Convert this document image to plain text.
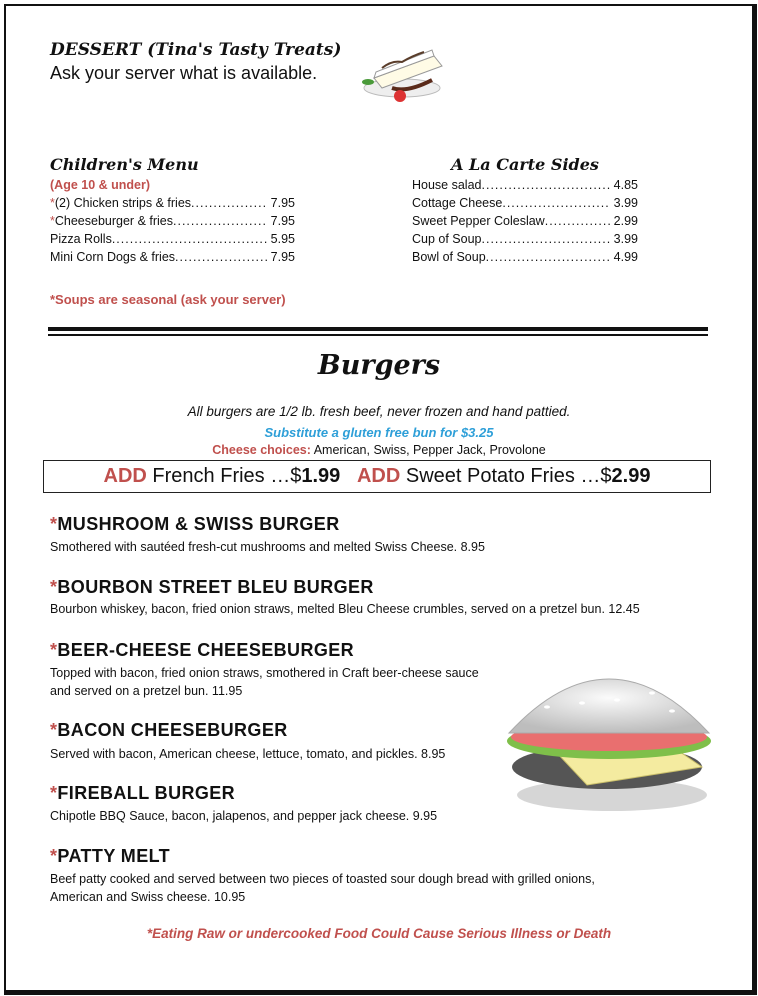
DESSERT (Tina's Tasty Treats)
Ask your server what is available.
Children's Menu
(Age 10 & under)
*(2) Chicken strips & fries .....	7.95
*Cheeseburger & fries .....	7.95
Pizza Rolls .....	5.95
Mini Corn Dogs & fries .....	7.95
*Soups are seasonal (ask your server)
A La Carte Sides
House salad .....	4.85
Cottage Cheese .....	3.99
Sweet Pepper Coleslaw .....	2.99
Cup of Soup .....	3.99
Bowl of Soup .....	4.99
Burgers
All burgers are 1/2 lb. fresh beef, never frozen and hand pattied.
Substitute a gluten free bun for $3.25
Cheese choices: American, Swiss, Pepper Jack, Provolone
ADD French Fries …$1.99 ADD Sweet Potato Fries …$2.99
*MUSHROOM & SWISS BURGER
Smothered with sautéed fresh-cut mushrooms and melted Swiss Cheese. 8.95
*BOURBON STREET BLEU BURGER
Bourbon whiskey, bacon, fried onion straws, melted Bleu Cheese crumbles, served on a pretzel bun. 12.45
*BEER-CHEESE CHEESEBURGER
Topped with bacon, fried onion straws, smothered in Craft beer-cheese sauce
and served on a pretzel bun. 11.95
*BACON CHEESEBURGER
Served with bacon, American cheese, lettuce, tomato, and pickles. 8.95
*FIREBALL BURGER
Chipotle BBQ Sauce, bacon, jalapenos, and pepper jack cheese. 9.95
*PATTY MELT
Beef patty cooked and served between two pieces of toasted sour dough bread with grilled onions,
American and Swiss cheese. 10.95
*Eating Raw or undercooked Food Could Cause Serious Illness or Death
